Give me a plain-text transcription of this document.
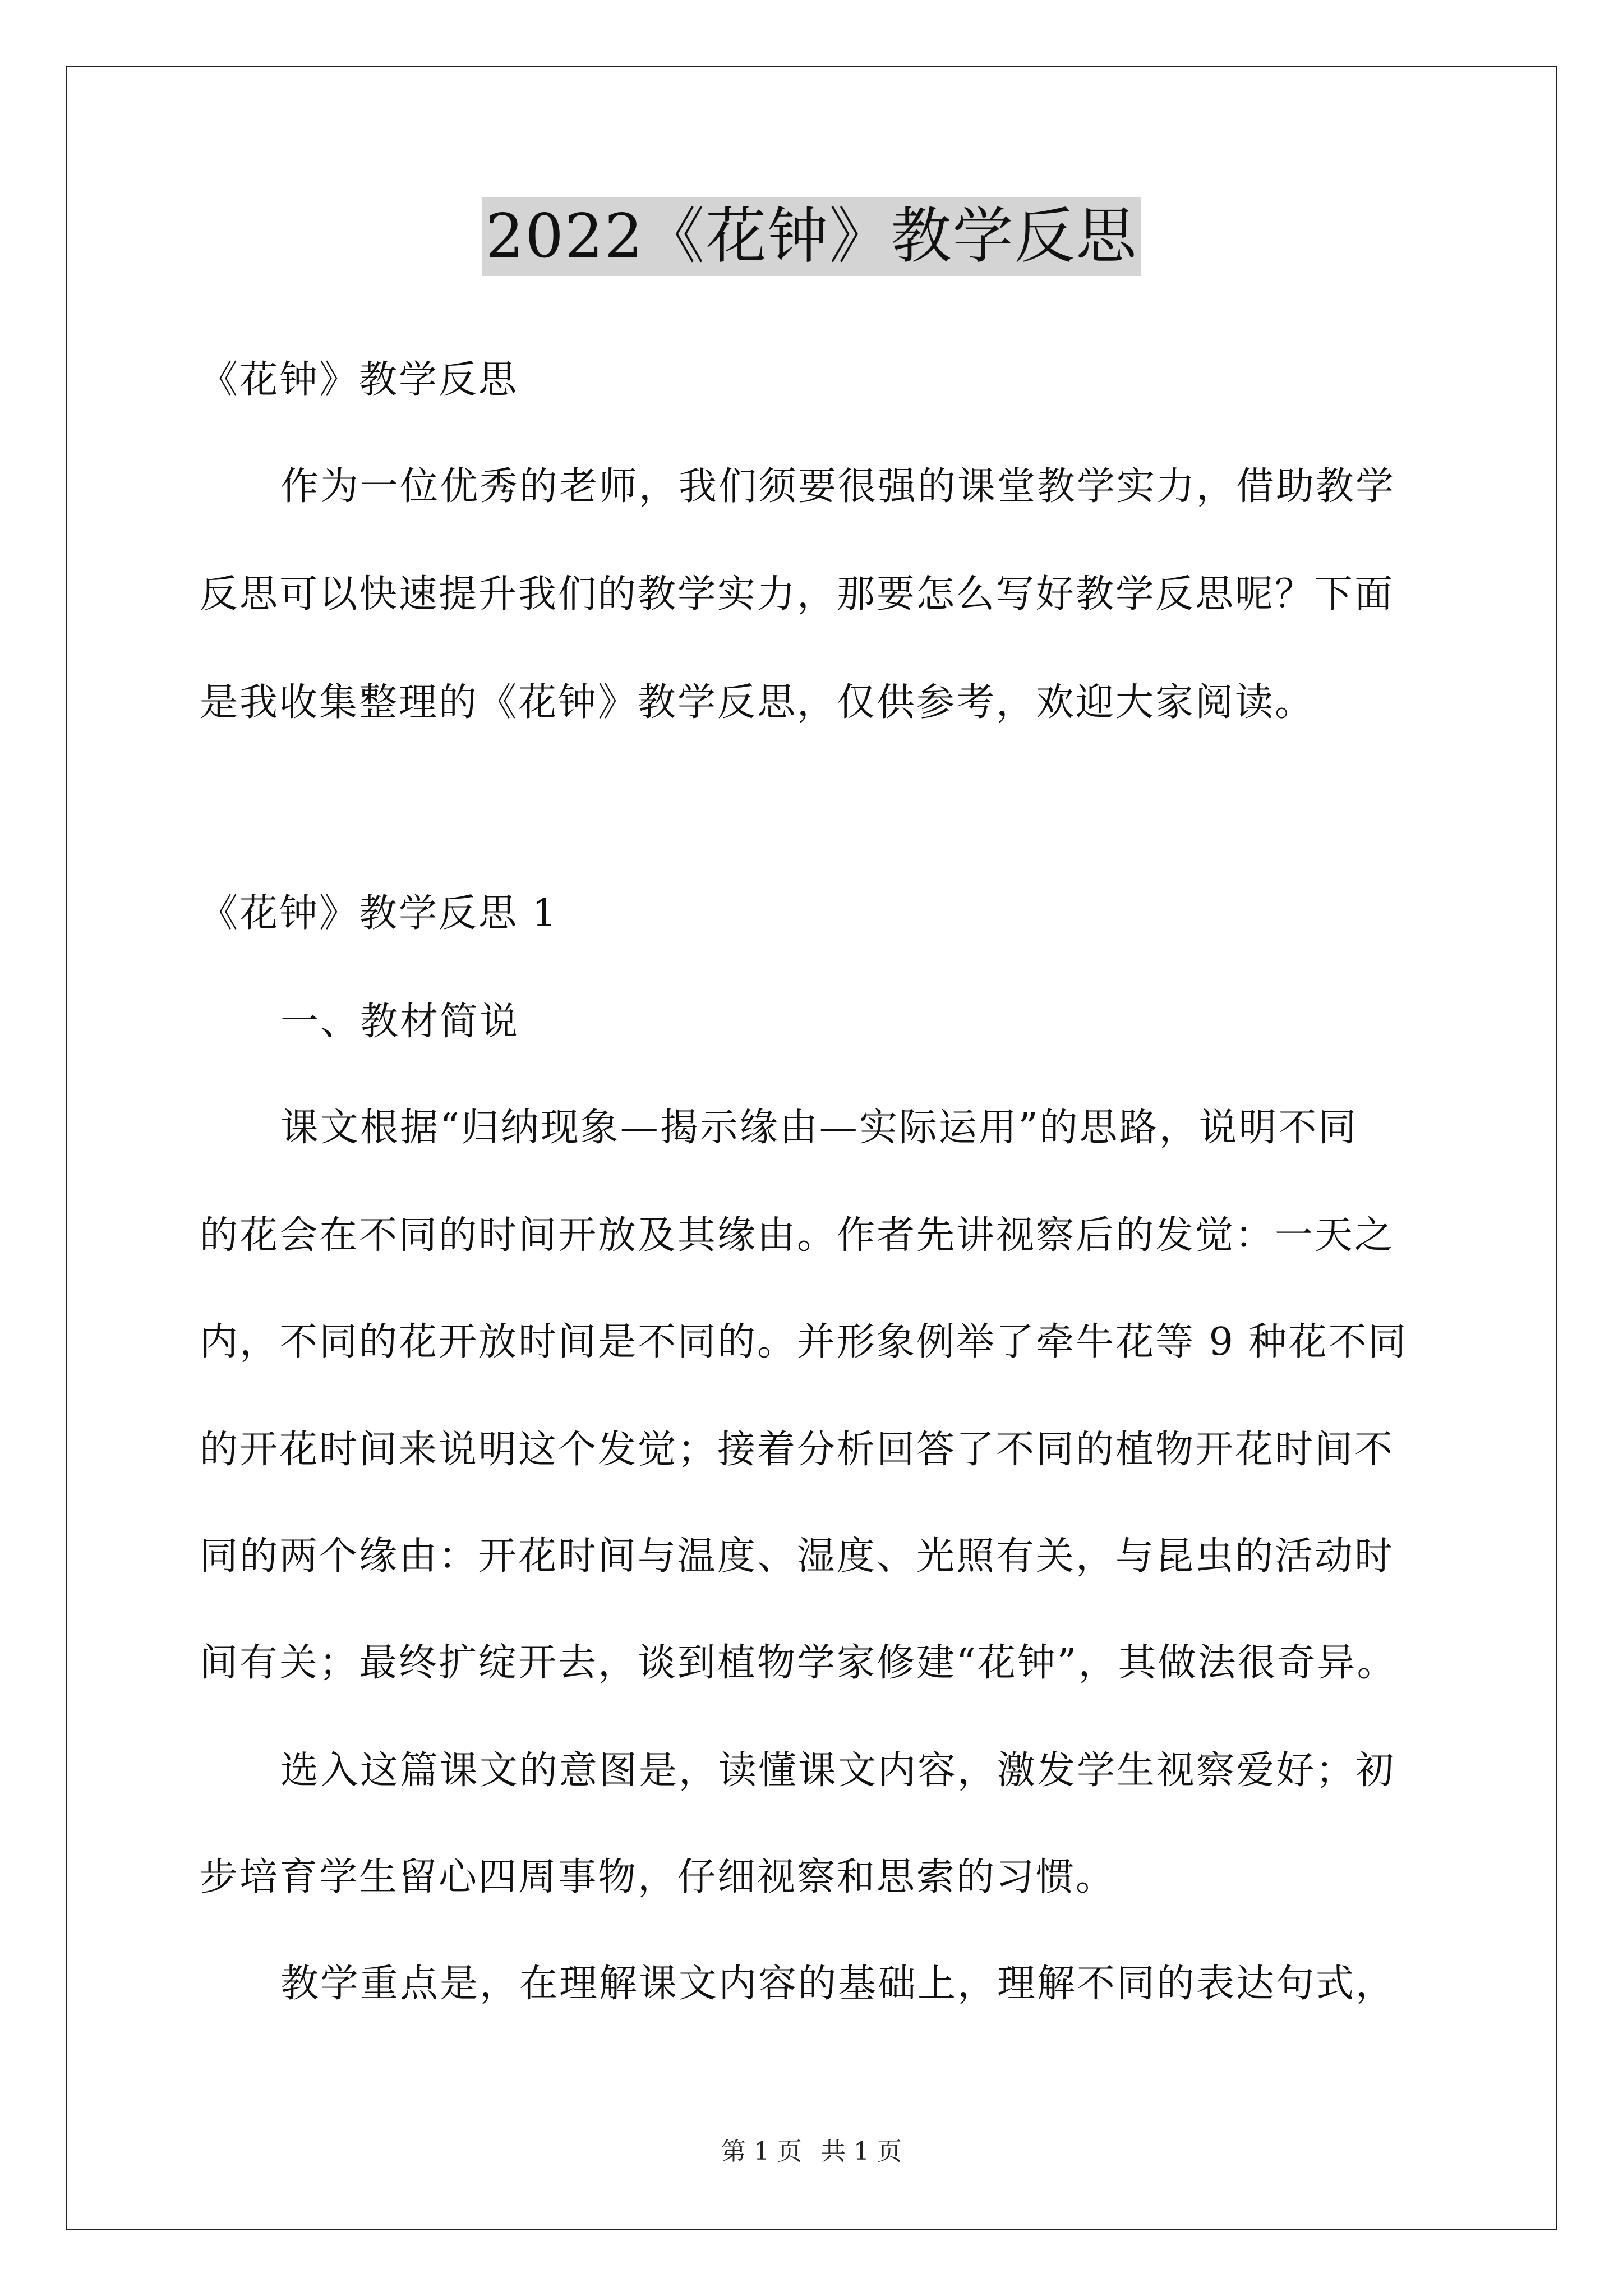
2022《花钟》教学反思
《花钟》教学反思
作为一位优秀的老师，我们须要很强的课堂教学实力，借助教学
反思可以快速提升我们的教学实力，那要怎么写好教学反思呢？下面
是我收集整理的《花钟》教学反思，仅供参考，欢迎大家阅读。
《花钟》教学反思 1
一、教材简说
课文根据“归纳现象—揭示缘由—实际运用”的思路，说明不同
的花会在不同的时间开放及其缘由。作者先讲视察后的发觉：一天之
内，不同的花开放时间是不同的。并形象例举了牵牛花等 9 种花不同
的开花时间来说明这个发觉；接着分析回答了不同的植物开花时间不
同的两个缘由：开花时间与温度、湿度、光照有关，与昆虫的活动时
间有关；最终扩绽开去，谈到植物学家修建“花钟”，其做法很奇异。
选入这篇课文的意图是，读懂课文内容，激发学生视察爱好；初
步培育学生留心四周事物，仔细视察和思索的习惯。
教学重点是，在理解课文内容的基础上，理解不同的表达句式，
第 1 页 共 1 页
